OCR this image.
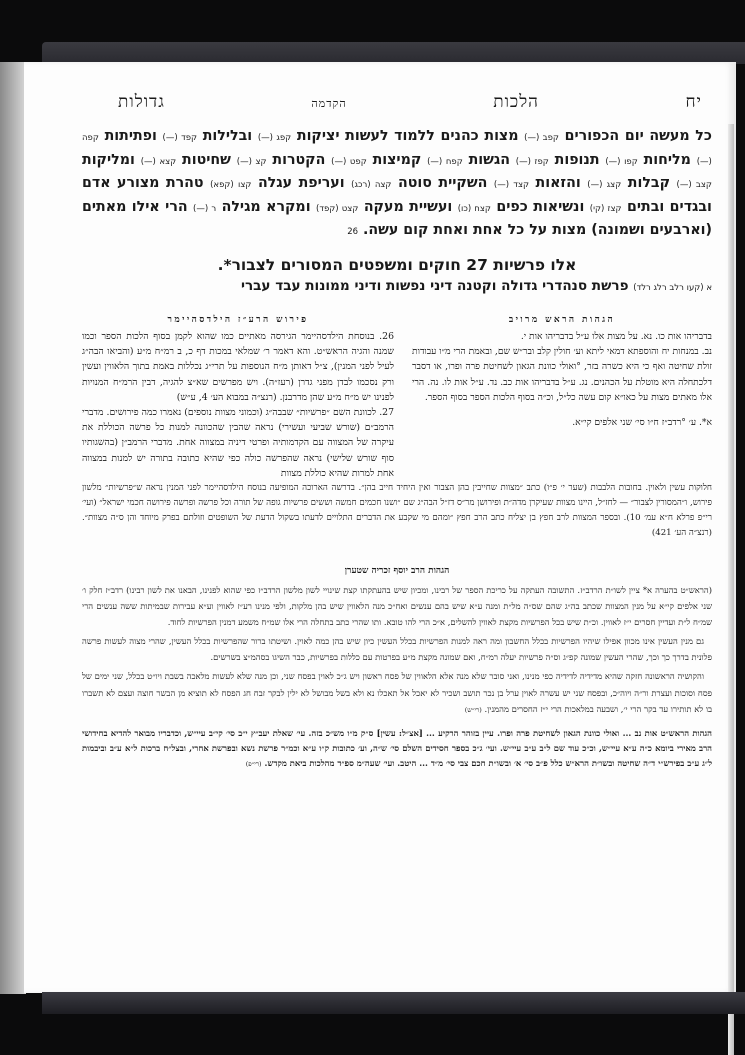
יח
הלכות
הקדמה
גדולות
כל מעשה יום הכפורים קפב (—) מצות כהנים ללמוד לעשות יציקות קפג (—) ובלילות קפד (—) ופתיתות קפה (—) מליחות קפו (—) תנופות קפז (—) הגשות קפח (—) קמיצות קפט (—) הקטרות קצ (—) שחיטות קצא (—) ומליקות קצב (—) קבלות קצג (—) והזאות קצד (—) השקיית סוטה קצה (רכג) ועריפת עגלה קצו (קפא) טהרת מצורע אדם ובגדים ובתים קצז (קי) ונשיאות כפים קצח (כו) ועשיית מעקה קצט (קפד) ומקרא מגילה ר (—) הרי אילו מאתים (וארבעים ושמונה) מצות על כל אחת ואחת קום עשה. 26
אלו פרשיות 27 חוקים ומשפטים המסורים לצבור*.
א (קעו רלב רלג רלד) פרשת סנהדרי גדולה וקטנה דיני נפשות ודיני ממונות עבד עברי
הגהות הראש מרויב

בדבריהו אות כו. נא. על מצות אלו ע״ל בדבריהו אות י.

נב. במנחות יח והוספתא דמאי ליתא וע׳ חולין קלב ובר״ש שם, ובאמת הרי מ״ו עבודות זולת שחיטה ואף כי היא כשרה בזר, °ואולי כוונת הגאון לשחיטת פרה ופרו, או דסבר דלכתחלה היא מוטלת על הכהנים. נג. ע״ל בדבריהו אות כב. נד. ע״ל אות לו. נה. הרי אלו מאתים מצות על כאו״א קום עשה כל״ל, וכ״ה בסוף הלכות הספר בסוף הספר.

א*. ע׳ °רדב״ז ח״ו סי׳ שני אלפים קי״א.

פירוש הרע״ז הילדסהיימר

26. בנוסחת הילדסהיימר הגירסה מאתיים כמו שהוא לקמן בסוף הלכות הספר וכמו שמנה והגיה הראש״ט. והא דאמר ר׳ שמלאי במכות דף כ, ב רמ״ח מ״ע (והביאו הבה״ג לעיל לפני המנין), צ״ל דאותן מ״ח הנוספות על תרי״ג נכללות באמת בתוך הלאווין ועשין ורק נסכמו לבדן מפני גדרן (רעז״ה). ויש מפרשים שא״צ להגיה, דבין הרמ״ח המנויות לפנינו יש מ״ח מ״ע שהן מדרבנן. (רנצ״ה במבוא הע׳ 4, ע״ש)

27. לכוונת השם ״פרשיות״ שבבה״ג (וכמוני מצוות נוספים) נאמרו כמה פירושים. מדברי הרמב״ם (שורש שביעי ועשירי) נראה שהבין שהכוונה למנות כל פרשה הכוללת את עיקרה של המצווה עם הקדמותיה ופרטי דיניה במצווה אחת. מדברי הרמב״ן (בהשגותיו סוף שורש שלישי) נראה שהפרשה כולה כפי שהיא כתובה בתורה יש למנות במצווה אחת למרות שהיא כוללת מצוות

חלוקות עשין ולאוין. בחובות הלבבות (שער י׳ פ״ו) כתב ״מצוות שחייבין בהן הצבור ואין היחיד חייב בהן״. בדרשה הארוכה המופיעה בנוסח הילדסהיימר לפני המנין נראה ש״פרשיות״ מלשון פירוש, ו״המסורין לצבור״ — לחז״ל, היינו מצוות שעיקרן מדה״ת ופירושן מר״ס דז״ל הבה״ג שם ״ושנו חכמים חמשה וששים פרשיות גופה של תורה וכל פרשה ופרשה פירושה חכמי ישראל״ (ועי׳ רי״פ פרלא ח״א עמ׳ 10). ובספר המצוות לרב חפץ בן יצליח כתב הרב חפץ ״ומהם מי שקבע את הדברים התלויים לדעתו בשקול הדעת של השופטים וזולתם בפרק מיוחד והן ס״ה מצוות״. (רנצ״ה הע׳ 421)
הגהות הרב יוסף זכריה שטערן

(הראש״ט בהערה א* ציין לשו״ת הרדב״ז. התשובה העתקה על כריכת הספר של רבינו, ומכיון שיש בהעתקתו קצת שינויי לשון מלשון הרדב״ז כפי שהוא לפנינו, הבאנו את לשון רבינו) רדב״ז חלק ו׳ שני אלפים קי״א על מנין המצוות שכתב בה״ג שהם שס״ה מל״ת ומנה ע״א שיש בהם ענשים ואח״כ מנה הלאווין שיש בהן מלקות, ולפי מנינו רע״ז לאווין וע״א עבירות שבמיתות ששה ענשים הרי שמ״ח ל״ת ועדיין חסרים י״ז לאווין. וכ״ת שיש בכל הפרשיות מקצת לאווין להשלים, א״כ הרי להו טובא. ותו שהרי כתב בתחלה הרי אלו שמ״ח משמע דמנין הפרשיות לחוד.

גם מנין העשין אינו מכוון אפילו שיהיו הפרשיות בכלל החשבון ומה ראה למנות הפרשיות בכלל העשין כיון שיש בהן כמה לאוין. ושיטתו ברור שהפרשיות בכלל העשין, שהרי מצוה לעשות פרשה פלונית בדרך כך וכך, שהרי העשין שמונה קפ״ג וס״ה פרשיות יעלה רמ״ח, ואם שמונה מקצת מ״ע בפרטות עם כללות בפרשיות, כבר השיגו בסהמ״צ בשרשים.

והקושיה הראשונה חזקה שהיא מדידיה לדידיה כפי מנינו, ואני סובר שלא מנה אלא הלאווין של פסח ראשון ויש ג״כ לאוין בפסח שני, וכן מנה שלא לעשות מלאכה בשבת ויו״ט בכלל, שני ימים של פסח וסוכות ועצרת ור״ה ויוה״כ, ובפסח שני יש עשרה לאוין ערל בן נכר תושב ושכיר לא יאכל אל תאכלו נא ולא בשל מבושל לא ילין לבקר זבח חג הפסח לא תוציא מן הבשר חוצה ועצם לא תשברו בו לא תותירו עד בקר הרי י׳, ושבעה במלאכות הרי י״ז החסרים מהמנין. (רי״ש)

הגהות הראש״ט אות נב ... ואולי כוונת הגאון לשחיטת פרה ופרו. עיין בזוהר הרקיע ... [אצ״ל: עשין] ס״ק מ״ו מש״כ בזה. עי׳ שאלת יעב״ץ י״ב סי׳ קי״ב עיי״ש, וכדבריו מבואר להדיא בחידושי הרב מאירי ביומא כ״ה ע״א עיי״ש, וכ״כ עוד שם ל״ב ע״ב עיי״ש. ועי׳ ג״כ בספר חסידים השלם סי׳ ש״ה, וע׳ כתובות ק״ו ע״א וכמ״ר פרשת נשא ובפרשת אחרי, ובצל״ח ברכות ל״א ע״ב וביבמות ל״ג ע״ב בפירש״י ד״ה שחיטה ובשו״ת הרא״ש כלל פ״ב סי׳ א׳ ובשו״ת חכם צבי סי׳ מ״ד ... היטב. ועי׳ שעה״מ ספ״ד מהלכות ביאת מקדש. (רי״פ)
